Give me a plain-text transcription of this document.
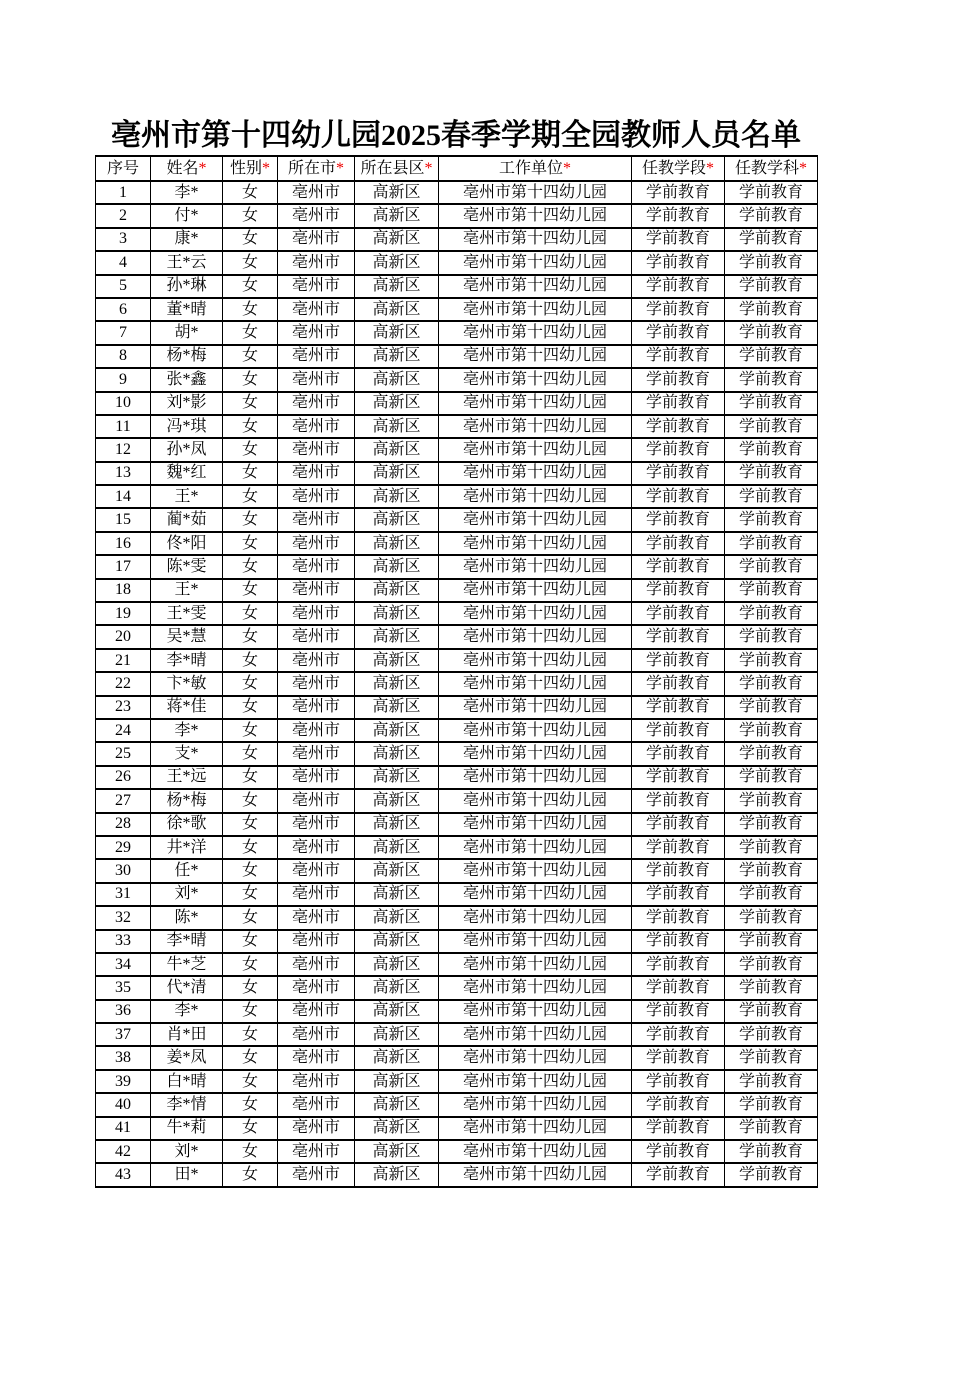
亳州市第十四幼儿园2025春季学期全园教师人员名单
序号	姓名*	性别*	所在市*	所在县区*	工作单位*	任教学段*	任教学科*
1	李*	女	亳州市	高新区	亳州市第十四幼儿园	学前教育	学前教育
2	付*	女	亳州市	高新区	亳州市第十四幼儿园	学前教育	学前教育
3	康*	女	亳州市	高新区	亳州市第十四幼儿园	学前教育	学前教育
4	王*云	女	亳州市	高新区	亳州市第十四幼儿园	学前教育	学前教育
5	孙*琳	女	亳州市	高新区	亳州市第十四幼儿园	学前教育	学前教育
6	董*晴	女	亳州市	高新区	亳州市第十四幼儿园	学前教育	学前教育
7	胡*	女	亳州市	高新区	亳州市第十四幼儿园	学前教育	学前教育
8	杨*梅	女	亳州市	高新区	亳州市第十四幼儿园	学前教育	学前教育
9	张*鑫	女	亳州市	高新区	亳州市第十四幼儿园	学前教育	学前教育
10	刘*影	女	亳州市	高新区	亳州市第十四幼儿园	学前教育	学前教育
11	冯*琪	女	亳州市	高新区	亳州市第十四幼儿园	学前教育	学前教育
12	孙*凤	女	亳州市	高新区	亳州市第十四幼儿园	学前教育	学前教育
13	魏*红	女	亳州市	高新区	亳州市第十四幼儿园	学前教育	学前教育
14	王*	女	亳州市	高新区	亳州市第十四幼儿园	学前教育	学前教育
15	蔺*茹	女	亳州市	高新区	亳州市第十四幼儿园	学前教育	学前教育
16	佟*阳	女	亳州市	高新区	亳州市第十四幼儿园	学前教育	学前教育
17	陈*雯	女	亳州市	高新区	亳州市第十四幼儿园	学前教育	学前教育
18	王*	女	亳州市	高新区	亳州市第十四幼儿园	学前教育	学前教育
19	王*雯	女	亳州市	高新区	亳州市第十四幼儿园	学前教育	学前教育
20	吴*慧	女	亳州市	高新区	亳州市第十四幼儿园	学前教育	学前教育
21	李*晴	女	亳州市	高新区	亳州市第十四幼儿园	学前教育	学前教育
22	卞*敏	女	亳州市	高新区	亳州市第十四幼儿园	学前教育	学前教育
23	蒋*佳	女	亳州市	高新区	亳州市第十四幼儿园	学前教育	学前教育
24	李*	女	亳州市	高新区	亳州市第十四幼儿园	学前教育	学前教育
25	支*	女	亳州市	高新区	亳州市第十四幼儿园	学前教育	学前教育
26	王*远	女	亳州市	高新区	亳州市第十四幼儿园	学前教育	学前教育
27	杨*梅	女	亳州市	高新区	亳州市第十四幼儿园	学前教育	学前教育
28	徐*歌	女	亳州市	高新区	亳州市第十四幼儿园	学前教育	学前教育
29	井*洋	女	亳州市	高新区	亳州市第十四幼儿园	学前教育	学前教育
30	任*	女	亳州市	高新区	亳州市第十四幼儿园	学前教育	学前教育
31	刘*	女	亳州市	高新区	亳州市第十四幼儿园	学前教育	学前教育
32	陈*	女	亳州市	高新区	亳州市第十四幼儿园	学前教育	学前教育
33	李*晴	女	亳州市	高新区	亳州市第十四幼儿园	学前教育	学前教育
34	牛*芝	女	亳州市	高新区	亳州市第十四幼儿园	学前教育	学前教育
35	代*清	女	亳州市	高新区	亳州市第十四幼儿园	学前教育	学前教育
36	李*	女	亳州市	高新区	亳州市第十四幼儿园	学前教育	学前教育
37	肖*田	女	亳州市	高新区	亳州市第十四幼儿园	学前教育	学前教育
38	姜*凤	女	亳州市	高新区	亳州市第十四幼儿园	学前教育	学前教育
39	白*晴	女	亳州市	高新区	亳州市第十四幼儿园	学前教育	学前教育
40	李*情	女	亳州市	高新区	亳州市第十四幼儿园	学前教育	学前教育
41	牛*莉	女	亳州市	高新区	亳州市第十四幼儿园	学前教育	学前教育
42	刘*	女	亳州市	高新区	亳州市第十四幼儿园	学前教育	学前教育
43	田*	女	亳州市	高新区	亳州市第十四幼儿园	学前教育	学前教育
